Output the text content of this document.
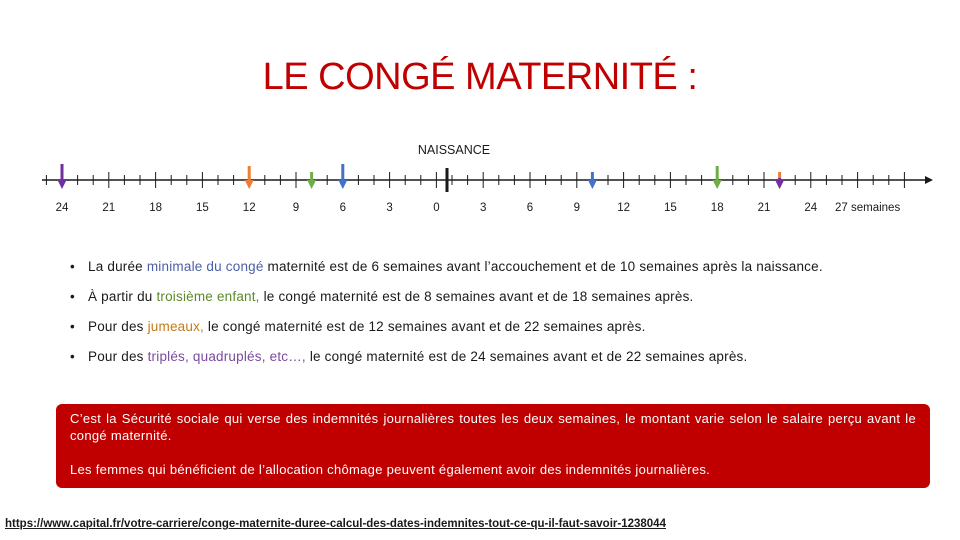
LE CONGÉ MATERNITÉ :
NAISSANCE
24	21	18	15	12	9	6	3	0	3	6	9	12	15	18	21	24 27 semaines
• La durée minimale du congé maternité est de 6 semaines avant l’accouchement et de 10 semaines après la naissance.
• À partir du troisième enfant, le congé maternité est de 8 semaines avant et de 18 semaines après.
• Pour des jumeaux, le congé maternité est de 12 semaines avant et de 22 semaines après.
• Pour des triplés, quadruplés, etc…, le congé maternité est de 24 semaines avant et de 22 semaines après.

C’est la Sécurité sociale qui verse des indemnités journalières toutes les deux semaines, le montant varie selon le salaire perçu avant le congé maternité.

Les femmes qui bénéficient de l’allocation chômage peuvent également avoir des indemnités journalières.

https://www.capital.fr/votre-carriere/conge-maternite-duree-calcul-des-dates-indemnites-tout-ce-qu-il-faut-savoir-1238044
